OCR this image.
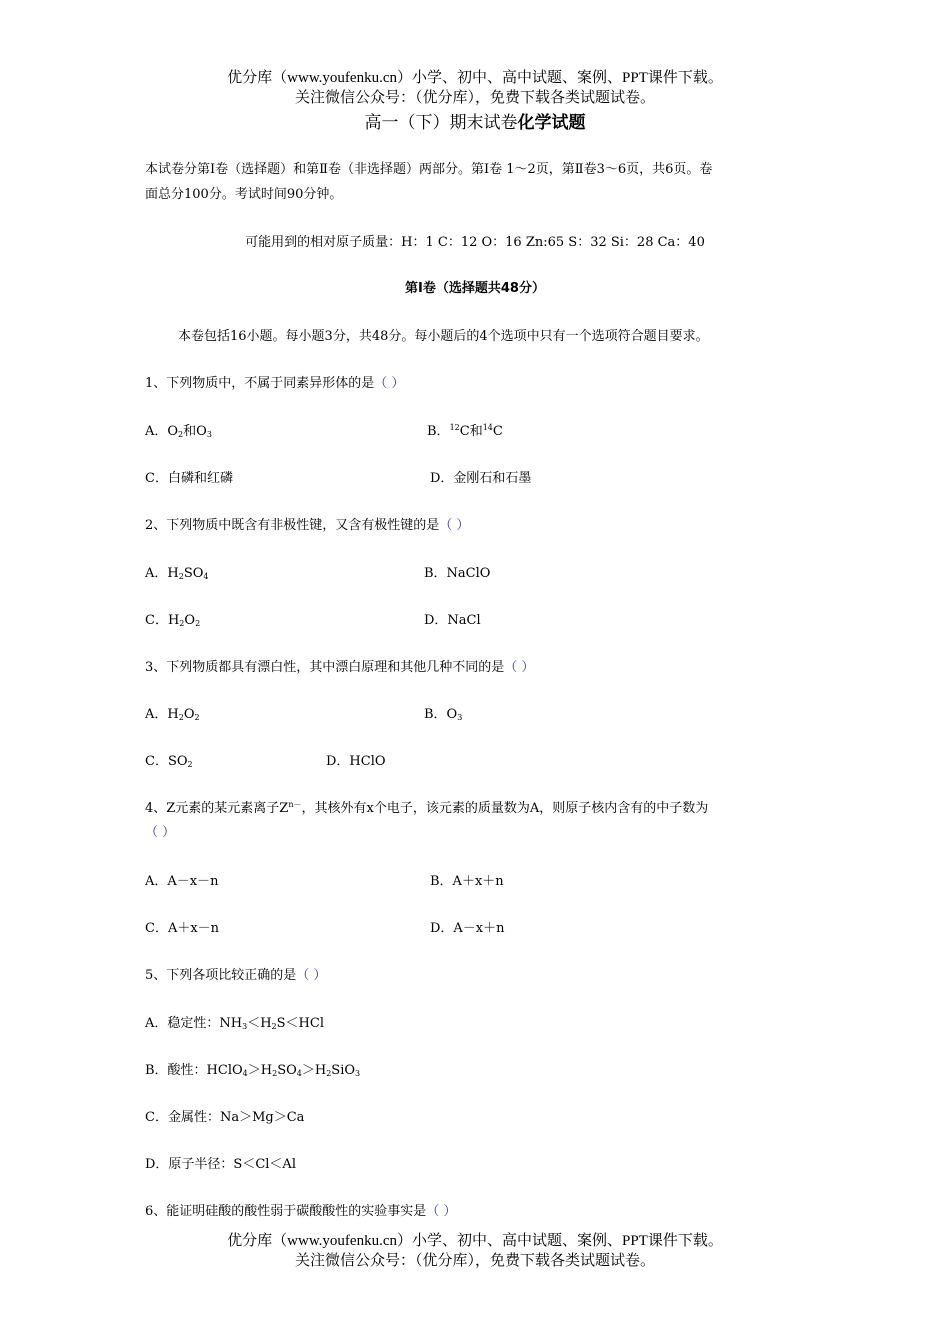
优分库（www.youfenku.cn）小学、初中、高中试题、案例、PPT课件下载。
关注微信公众号：（优分库），免费下载各类试题试卷。
高一（下）期末试卷化学试题
本试卷分第Ⅰ卷（选择题）和第Ⅱ卷（非选择题）两部分。第Ⅰ卷 1～2页，第Ⅱ卷3～6页，共6页。卷
面总分100分。考试时间90分钟。
可能用到的相对原子质量：H：1 C：12 O：16 Zn:65 S：32 Si：28 Ca：40
第Ⅰ卷（选择题共48分）
本卷包括16小题。每小题3分，共48分。每小题后的4个选项中只有一个选项符合题目要求。
1、下列物质中，不属于同素异形体的是（ ）
A．$O_2$和$O_3$	B．$^{12}$C和$^{14}$C
C．白磷和红磷	D．金刚石和石墨
2、下列物质中既含有非极性键，又含有极性键的是（ ）
A．$H_2SO_4$	B．NaClO
C．$H_2O_2$	D．NaCl
3、下列物质都具有漂白性，其中漂白原理和其他几种不同的是（ ）
A．$H_2O_2$	B．$O_3$
C．$SO_2$	D．HClO
4、Z元素的某元素离子$Z^{n-}$，其核外有x个电子，该元素的质量数为A，则原子核内含有的中子数为
（ ）
A．A－x－n	B．A＋x＋n
C．A＋x－n	D．A－x＋n
5、下列各项比较正确的是（ ）
A．稳定性：$NH_3<H_2S<HCl$
B．酸性：$HClO_4>H_2SO_4>H_2SiO_3$
C．金属性：Na＞Mg＞Ca
D．原子半径：S＜Cl＜Al
6、能证明硅酸的酸性弱于碳酸酸性的实验事实是（ ）
优分库（www.youfenku.cn）小学、初中、高中试题、案例、PPT课件下载。
关注微信公众号：（优分库），免费下载各类试题试卷。
